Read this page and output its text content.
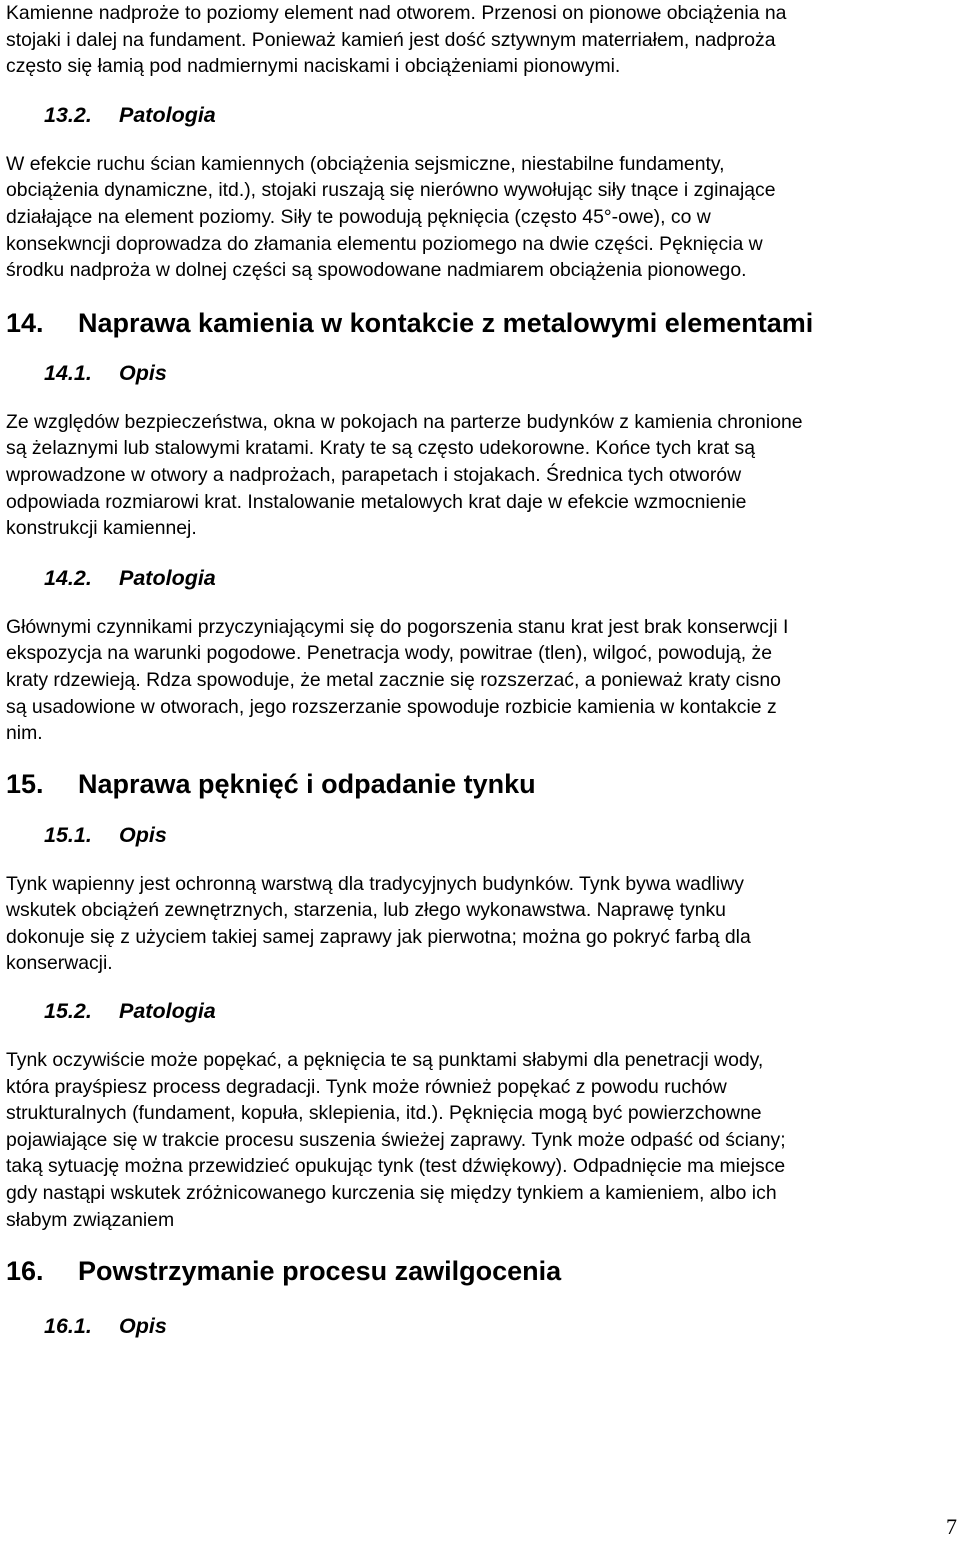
Kamienne nadproże to poziomy element nad otworem. Przenosi on pionowe obciążenia na
stojaki i dalej na fundament. Ponieważ kamień jest dość sztywnym materriałem, nadproża
często się łamią pod nadmiernymi naciskami i obciążeniami pionowymi.
13.2.	Patologia
W efekcie ruchu ścian kamiennych (obciążenia sejsmiczne, niestabilne fundamenty,
obciążenia dynamiczne, itd.), stojaki ruszają się nierówno wywołując siły tnące i zginające
działające na element poziomy. Siły te powodują pęknięcia (często 45°-owe), co w
konsekwncji doprowadza do złamania elementu poziomego na dwie części. Pęknięcia w
środku nadproża w dolnej części są spowodowane nadmiarem obciążenia pionowego.
14.	Naprawa kamienia w kontakcie z metalowymi elementami
14.1.	Opis
Ze względów bezpieczeństwa, okna w pokojach na parterze budynków z kamienia chronione
są żelaznymi lub stalowymi kratami. Kraty te są często udekorowne. Końce tych krat są
wprowadzone w otwory a nadprożach, parapetach i stojakach. Średnica tych otworów
odpowiada rozmiarowi krat. Instalowanie metalowych krat daje w efekcie wzmocnienie
konstrukcji kamiennej.
14.2.	Patologia
Głównymi czynnikami przyczyniającymi się do pogorszenia stanu krat jest brak konserwcji I
ekspozycja na warunki pogodowe. Penetracja wody, powitrae (tlen), wilgoć, powodują, że
kraty rdzewieją. Rdza spowoduje, że metal zacznie się rozszerzać, a ponieważ kraty cisno
są usadowione w otworach, jego rozszerzanie spowoduje rozbicie kamienia w kontakcie z
nim.
15.	Naprawa pęknięć i odpadanie tynku
15.1.	Opis
Tynk wapienny jest ochronną warstwą dla tradycyjnych budynków. Tynk bywa wadliwy
wskutek obciążeń zewnętrznych, starzenia, lub złego wykonawstwa. Naprawę tynku
dokonuje się z użyciem takiej samej zaprawy jak pierwotna; można go pokryć farbą dla
konserwacji.
15.2.	Patologia
Tynk oczywiście może popękać, a pęknięcia te są punktami słabymi dla penetracji wody,
która prayśpiesz process degradacji. Tynk może również popękać z powodu ruchów
strukturalnych (fundament, kopuła, sklepienia, itd.). Pęknięcia mogą być powierzchowne
pojawiające się w trakcie procesu suszenia świeżej zaprawy. Tynk może odpaść od ściany;
taką sytuację można przewidzieć opukując tynk (test dźwiękowy). Odpadnięcie ma miejsce
gdy nastąpi wskutek zróżnicowanego kurczenia się między tynkiem a kamieniem, albo ich
słabym związaniem
16.	Powstrzymanie procesu zawilgocenia
16.1.	Opis
7
